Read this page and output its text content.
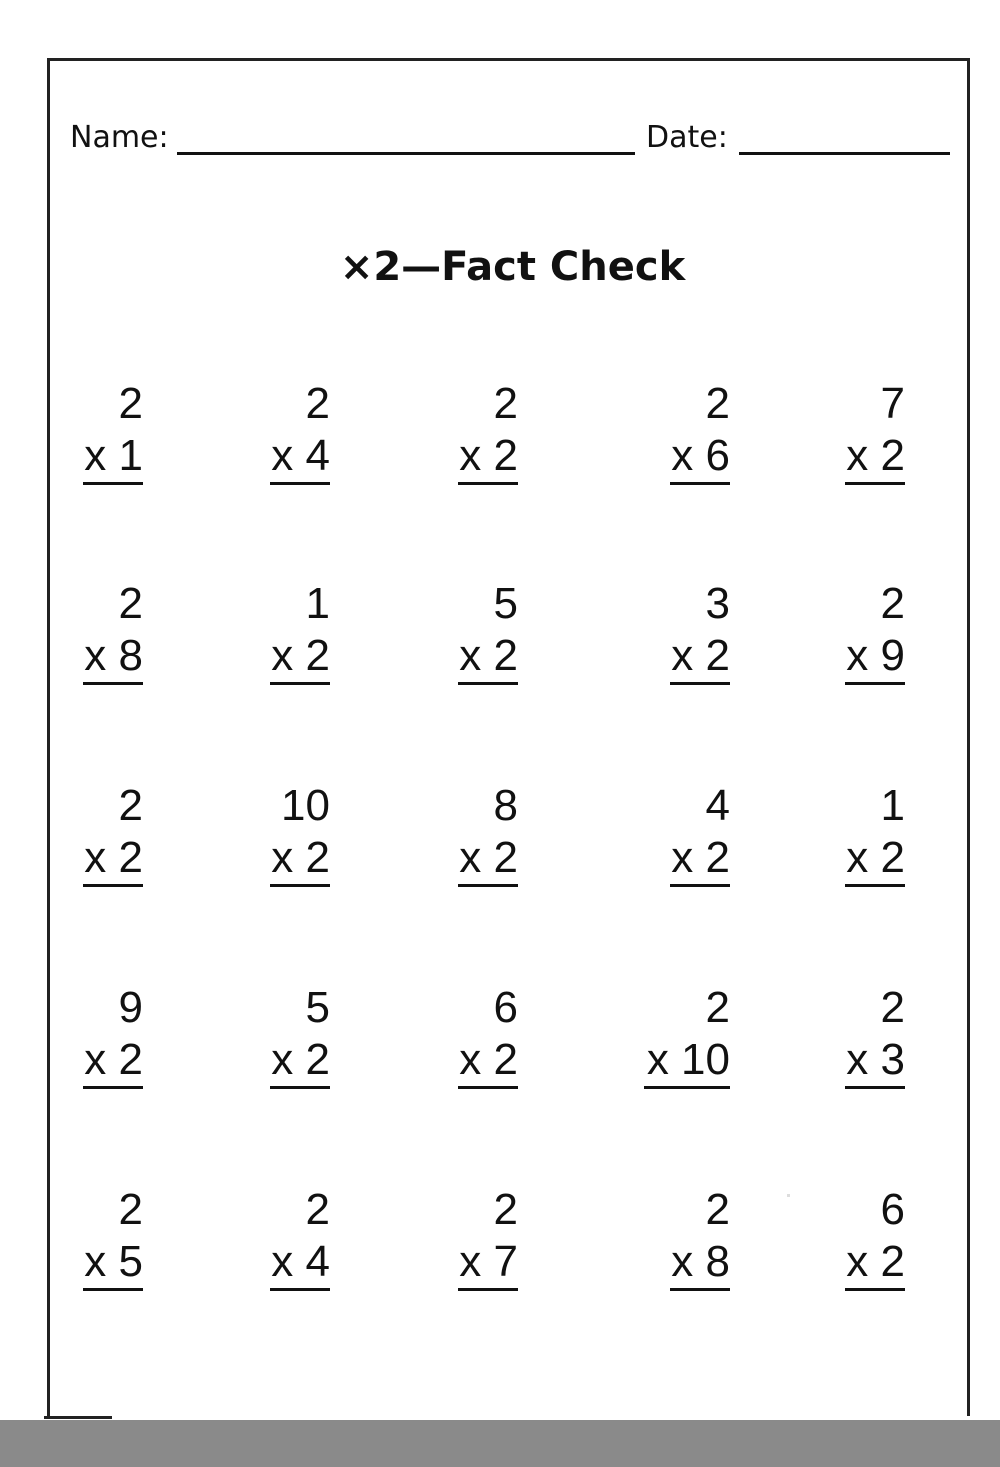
Name:	Date:
×2—Fact Check
2
x 1
2
x 4
2
x 2
2
x 6
7
x 2
2
x 8
1
x 2
5
x 2
3
x 2
2
x 9
2
x 2
10
x 2
8
x 2
4
x 2
1
x 2
9
x 2
5
x 2
6
x 2
2
x 10
2
x 3
2
x 5
2
x 4
2
x 7
2
x 8
6
x 2
